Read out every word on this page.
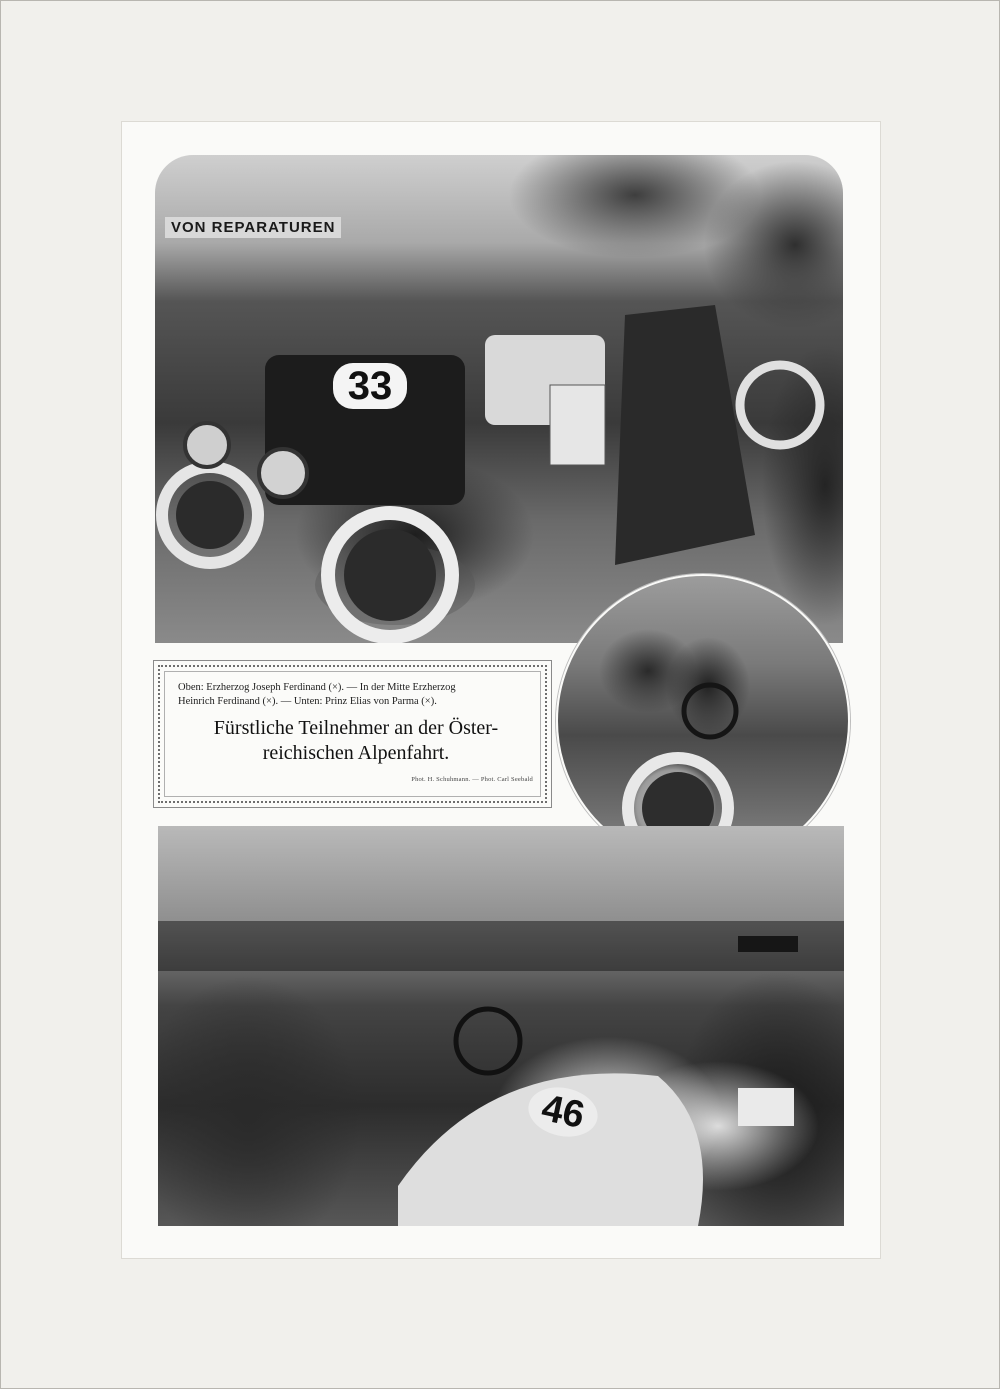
VON REPARATUREN
33
46
Oben: Erzherzog Joseph Ferdinand (×). — In der Mitte Erzherzog
Heinrich Ferdinand (×). — Unten: Prinz Elias von Parma (×).
Fürstliche Teilnehmer an der Öster-
reichischen Alpenfahrt.
Phot. H. Schuhmann. — Phot. Carl Seebald
